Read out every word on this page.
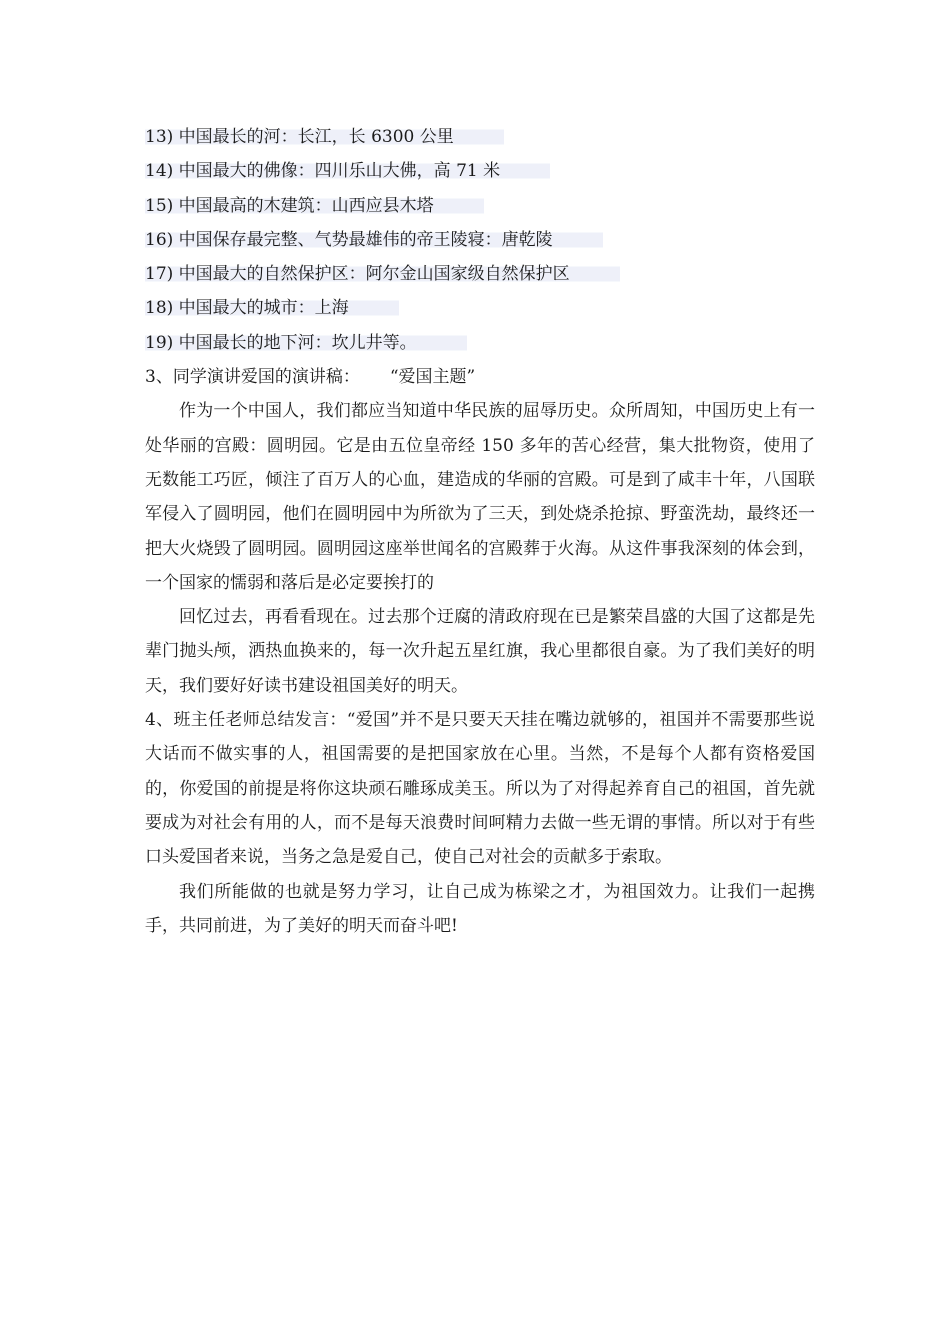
13) 中国最长的河：长江，长 6300 公里
14) 中国最大的佛像：四川乐山大佛，高 71 米
15) 中国最高的木建筑：山西应县木塔
16) 中国保存最完整、气势最雄伟的帝王陵寝：唐乾陵
17) 中国最大的自然保护区：阿尔金山国家级自然保护区
18) 中国最大的城市：上海
19) 中国最长的地下河：坎儿井等。
3、同学演讲爱国的演讲稿： “爱国主题”

作为一个中国人，我们都应当知道中华民族的屈辱历史。众所周知，中国历史上有一处华丽的宫殿：圆明园。它是由五位皇帝经 150 多年的苦心经营，集大批物资，使用了无数能工巧匠，倾注了百万人的心血，建造成的华丽的宫殿。可是到了咸丰十年，八国联军侵入了圆明园，他们在圆明园中为所欲为了三天，到处烧杀抢掠、野蛮洗劫，最终还一把大火烧毁了圆明园。圆明园这座举世闻名的宫殿葬于火海。从这件事我深刻的体会到，一个国家的懦弱和落后是必定要挨打的

回忆过去，再看看现在。过去那个迂腐的清政府现在已是繁荣昌盛的大国了这都是先辈门抛头颅，洒热血换来的，每一次升起五星红旗，我心里都很自豪。为了我们美好的明天，我们要好好读书建设祖国美好的明天。

4、班主任老师总结发言：“爱国”并不是只要天天挂在嘴边就够的，祖国并不需要那些说大话而不做实事的人，祖国需要的是把国家放在心里。当然，不是每个人都有资格爱国的，你爱国的前提是将你这块顽石雕琢成美玉。所以为了对得起养育自己的祖国，首先就要成为对社会有用的人，而不是每天浪费时间呵精力去做一些无谓的事情。所以对于有些口头爱国者来说，当务之急是爱自己，使自己对社会的贡献多于索取。

我们所能做的也就是努力学习，让自己成为栋梁之才，为祖国效力。让我们一起携手，共同前进，为了美好的明天而奋斗吧!
